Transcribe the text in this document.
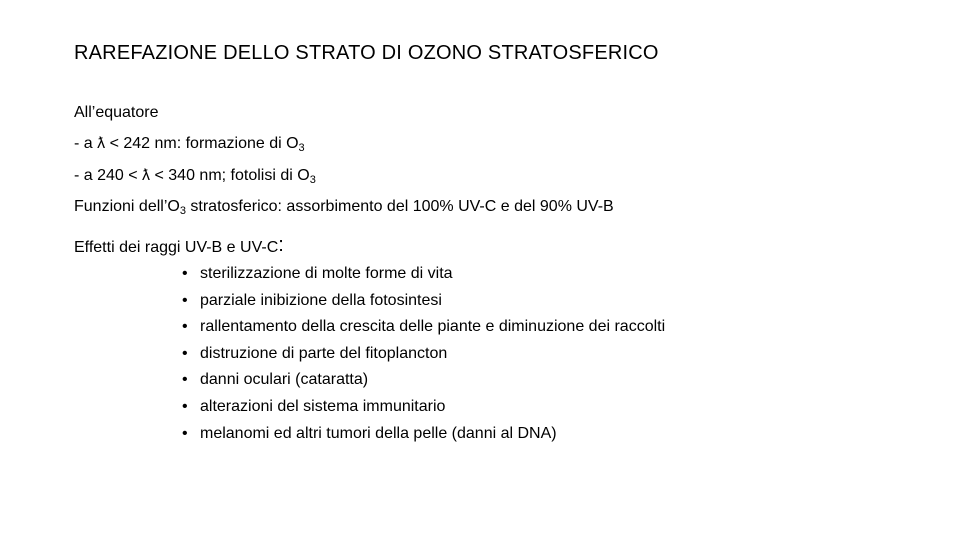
RAREFAZIONE DELLO STRATO DI OZONO STRATOSFERICO
All’equatore
- a ƛ < 242 nm: formazione di $O_3$
- a 240 < ƛ < 340 nm; fotolisi di $O_3$
Funzioni $dell’O_3$ stratosferico: assorbimento del 100% UV-C e del 90% UV-B
Effetti dei raggi UV-B e UV-C:
• sterilizzazione di molte forme di vita
• parziale inibizione della fotosintesi
• rallentamento della crescita delle piante e diminuzione dei raccolti
• distruzione di parte del fitoplancton
• danni oculari (cataratta)
• alterazioni del sistema immunitario
• melanomi ed altri tumori della pelle (danni al DNA)
